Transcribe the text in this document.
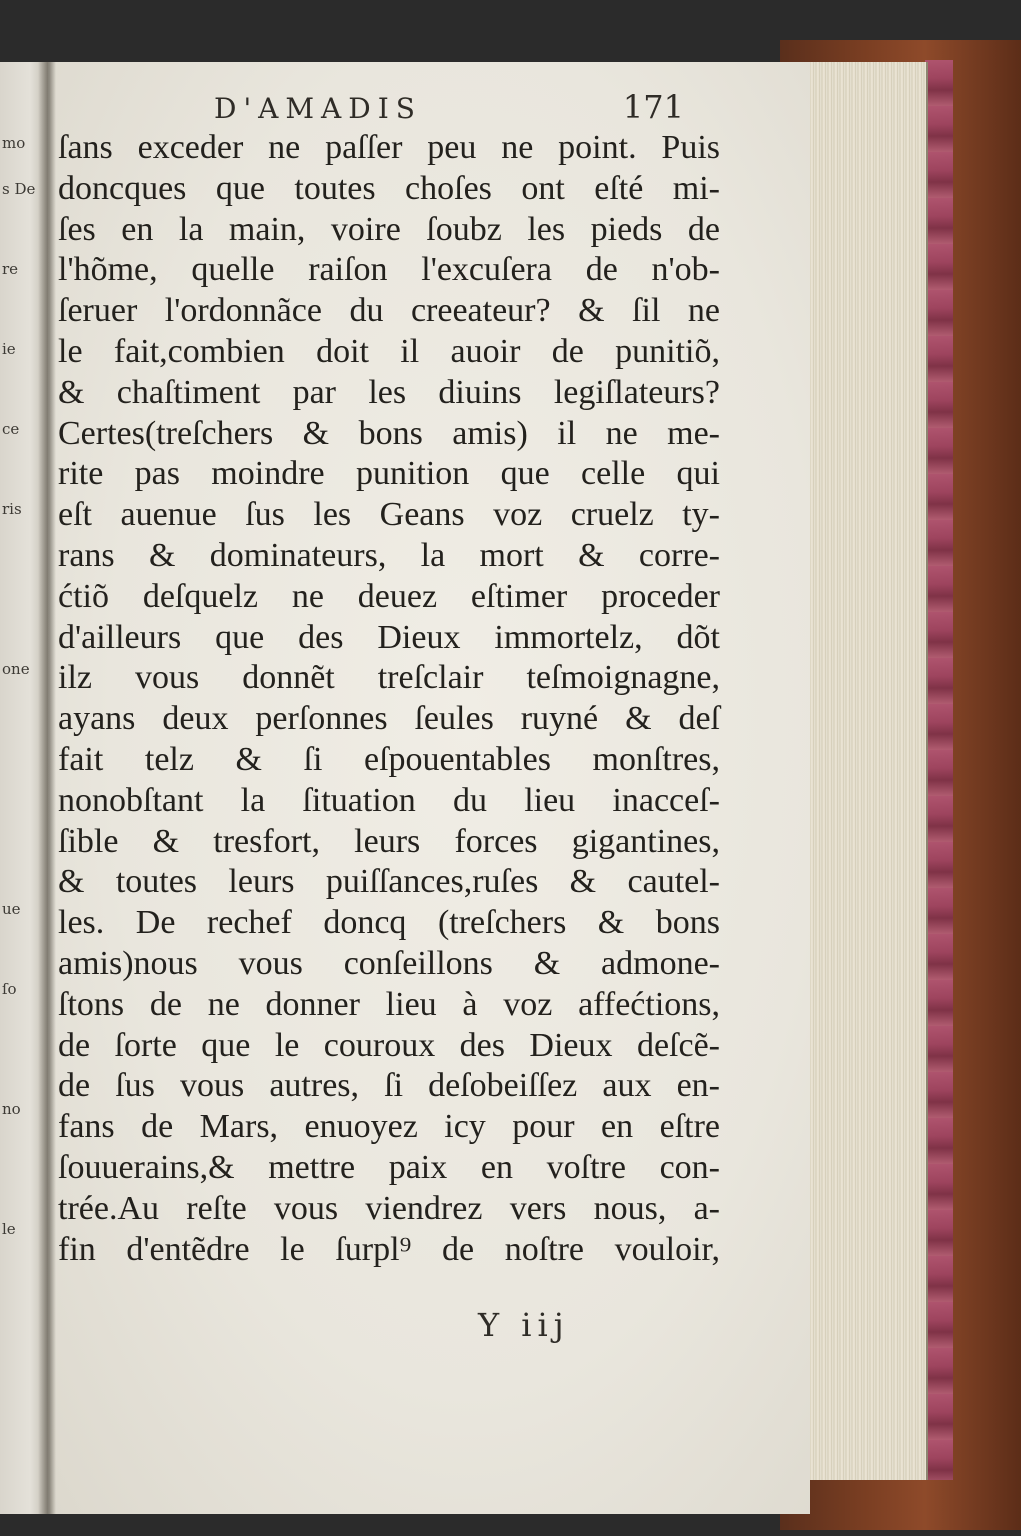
mo
s De
re
ie
ce
ris
one
ue
ſo
no
le
D'AMADIS	171
ſans exceder ne paſſer peu ne point. Puis
doncques que toutes choſes ont eſté mi-
ſes en la main, voire ſoubz les pieds de
l'hõme, quelle raiſon l'excuſera de n'ob-
ſeruer l'ordonnãce du creeateur? & ſil ne
le fait,combien doit il auoir de punitiõ,
& chaſtiment par les diuins legiſlateurs?
Certes(treſchers & bons amis) il ne me-
rite pas moindre punition que celle qui
eſt auenue ſus les Geans voz cruelz ty-
rans & dominateurs, la mort & corre-
ćtiõ deſquelz ne deuez eſtimer proceder
d'ailleurs que des Dieux immortelz, dõt
ilz vous donnẽt treſclair teſmoignagne,
ayans deux perſonnes ſeules ruyné & deſ
fait telz & ſi eſpouentables monſtres,
nonobſtant la ſituation du lieu inacceſ-
ſible & tresfort, leurs forces gigantines,
& toutes leurs puiſſances,ruſes & cautel-
les. De rechef doncq (treſchers & bons
amis)nous vous conſeillons & admone-
ſtons de ne donner lieu à voz affećtions,
de ſorte que le couroux des Dieux deſcẽ-
de ſus vous autres, ſi deſobeiſſez aux en-
fans de Mars, enuoyez icy pour en eſtre
ſouuerains,& mettre paix en voſtre con-
trée.Au reſte vous viendrez vers nous, a-
fin d'entẽdre le ſurpl⁹ de noſtre vouloir,
Y iij
